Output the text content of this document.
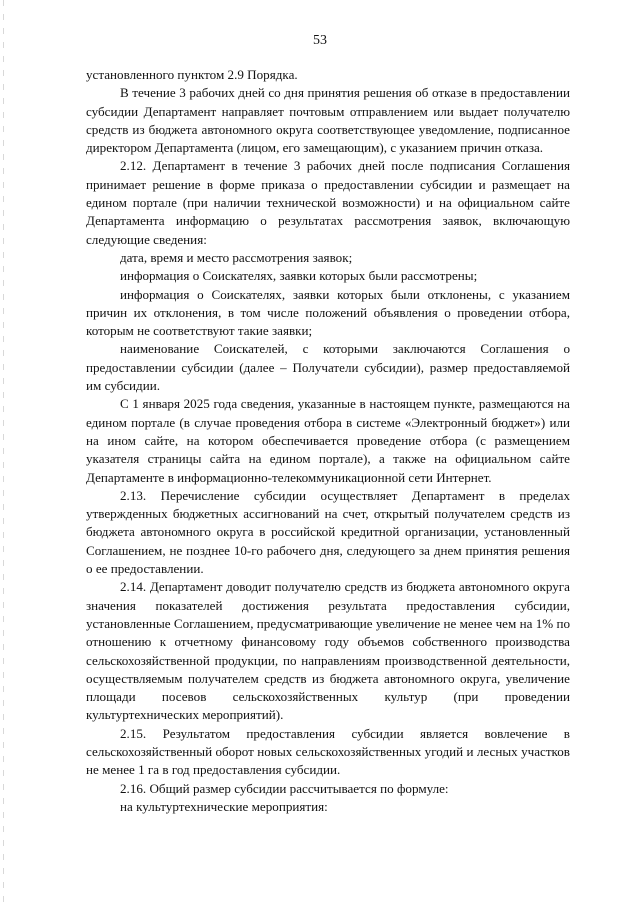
53

установленного пунктом 2.9 Порядка.

В течение 3 рабочих дней со дня принятия решения об отказе в предоставлении субсидии Департамент направляет почтовым отправлением или выдает получателю средств из бюджета автономного округа соответствующее уведомление, подписанное директором Департамента (лицом, его замещающим), с указанием причин отказа.

2.12. Департамент в течение 3 рабочих дней после подписания Соглашения принимает решение в форме приказа о предоставлении субсидии и размещает на едином портале (при наличии технической возможности) и на официальном сайте Департамента информацию о результатах рассмотрения заявок, включающую следующие сведения:

дата, время и место рассмотрения заявок;

информация о Соискателях, заявки которых были рассмотрены;

информация о Соискателях, заявки которых были отклонены, с указанием причин их отклонения, в том числе положений объявления о проведении отбора, которым не соответствуют такие заявки;

наименование Соискателей, с которыми заключаются Соглашения о предоставлении субсидии (далее – Получатели субсидии), размер предоставляемой им субсидии.

С 1 января 2025 года сведения, указанные в настоящем пункте, размещаются на едином портале (в случае проведения отбора в системе «Электронный бюджет») или на ином сайте, на котором обеспечивается проведение отбора (с размещением указателя страницы сайта на едином портале), а также на официальном сайте Департаменте в информационно-телекоммуникационной сети Интернет.

2.13. Перечисление субсидии осуществляет Департамент в пределах утвержденных бюджетных ассигнований на счет, открытый получателем средств из бюджета автономного округа в российской кредитной организации, установленный Соглашением, не позднее 10-го рабочего дня, следующего за днем принятия решения о ее предоставлении.

2.14. Департамент доводит получателю средств из бюджета автономного округа значения показателей достижения результата предоставления субсидии, установленные Соглашением, предусматривающие увеличение не менее чем на 1% по отношению к отчетному финансовому году объемов собственного производства сельскохозяйственной продукции, по направлениям производственной деятельности, осуществляемым получателем средств из бюджета автономного округа, увеличение площади посевов сельскохозяйственных культур (при проведении культуртехнических мероприятий).

2.15. Результатом предоставления субсидии является вовлечение в сельскохозяйственный оборот новых сельскохозяйственных угодий и лесных участков не менее 1 га в год предоставления субсидии.

2.16. Общий размер субсидии рассчитывается по формуле:

на культуртехнические мероприятия:
